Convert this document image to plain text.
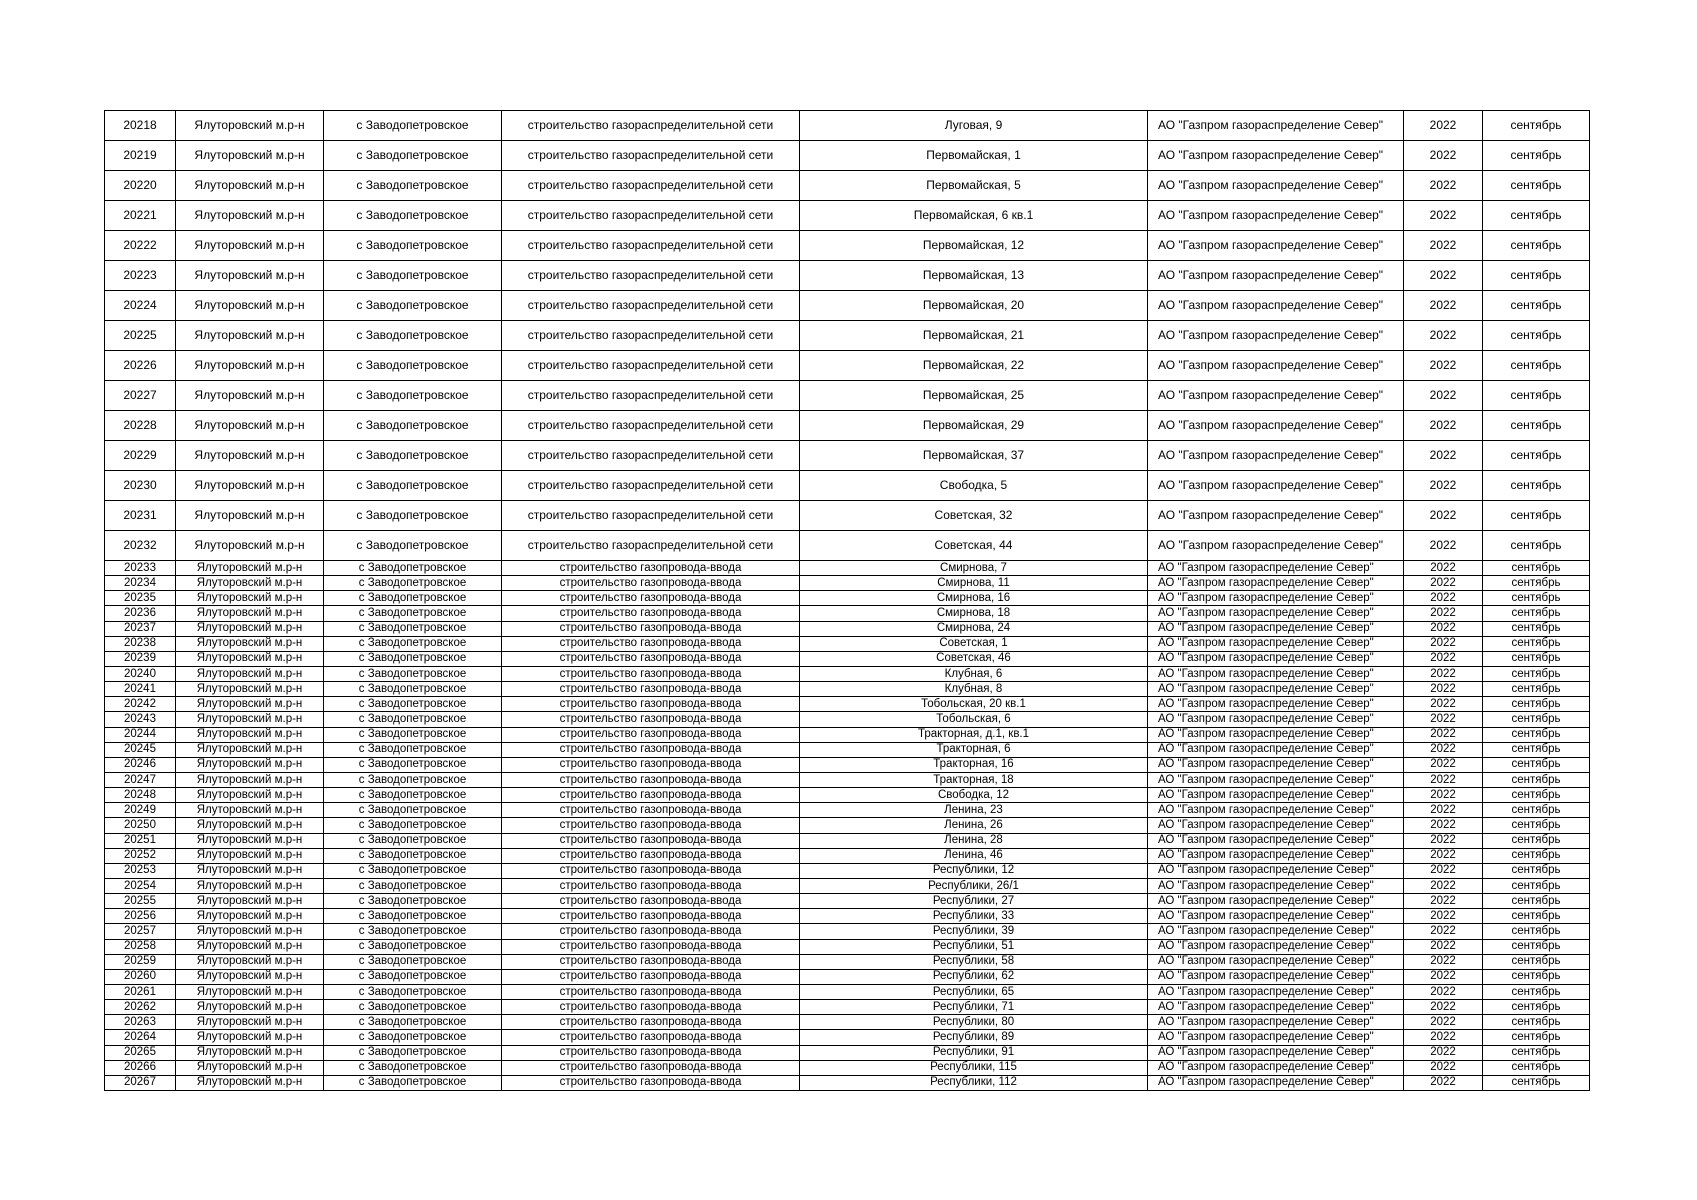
20218	Ялуторовский м.р-н	с Заводопетровское	строительство газораспределительной сети	Луговая, 9	АО "Газпром газораспределение Север"	2022	сентябрь
20219	Ялуторовский м.р-н	с Заводопетровское	строительство газораспределительной сети	Первомайская, 1	АО "Газпром газораспределение Север"	2022	сентябрь
20220	Ялуторовский м.р-н	с Заводопетровское	строительство газораспределительной сети	Первомайская, 5	АО "Газпром газораспределение Север"	2022	сентябрь
20221	Ялуторовский м.р-н	с Заводопетровское	строительство газораспределительной сети	Первомайская, 6 кв.1	АО "Газпром газораспределение Север"	2022	сентябрь
20222	Ялуторовский м.р-н	с Заводопетровское	строительство газораспределительной сети	Первомайская, 12	АО "Газпром газораспределение Север"	2022	сентябрь
20223	Ялуторовский м.р-н	с Заводопетровское	строительство газораспределительной сети	Первомайская, 13	АО "Газпром газораспределение Север"	2022	сентябрь
20224	Ялуторовский м.р-н	с Заводопетровское	строительство газораспределительной сети	Первомайская, 20	АО "Газпром газораспределение Север"	2022	сентябрь
20225	Ялуторовский м.р-н	с Заводопетровское	строительство газораспределительной сети	Первомайская, 21	АО "Газпром газораспределение Север"	2022	сентябрь
20226	Ялуторовский м.р-н	с Заводопетровское	строительство газораспределительной сети	Первомайская, 22	АО "Газпром газораспределение Север"	2022	сентябрь
20227	Ялуторовский м.р-н	с Заводопетровское	строительство газораспределительной сети	Первомайская, 25	АО "Газпром газораспределение Север"	2022	сентябрь
20228	Ялуторовский м.р-н	с Заводопетровское	строительство газораспределительной сети	Первомайская, 29	АО "Газпром газораспределение Север"	2022	сентябрь
20229	Ялуторовский м.р-н	с Заводопетровское	строительство газораспределительной сети	Первомайская, 37	АО "Газпром газораспределение Север"	2022	сентябрь
20230	Ялуторовский м.р-н	с Заводопетровское	строительство газораспределительной сети	Свободка, 5	АО "Газпром газораспределение Север"	2022	сентябрь
20231	Ялуторовский м.р-н	с Заводопетровское	строительство газораспределительной сети	Советская, 32	АО "Газпром газораспределение Север"	2022	сентябрь
20232	Ялуторовский м.р-н	с Заводопетровское	строительство газораспределительной сети	Советская, 44	АО "Газпром газораспределение Север"	2022	сентябрь
20233	Ялуторовский м.р-н	с Заводопетровское	строительство газопровода-ввода	Смирнова, 7	АО "Газпром газораспределение Север"	2022	сентябрь
20234	Ялуторовский м.р-н	с Заводопетровское	строительство газопровода-ввода	Смирнова, 11	АО "Газпром газораспределение Север"	2022	сентябрь
20235	Ялуторовский м.р-н	с Заводопетровское	строительство газопровода-ввода	Смирнова, 16	АО "Газпром газораспределение Север"	2022	сентябрь
20236	Ялуторовский м.р-н	с Заводопетровское	строительство газопровода-ввода	Смирнова, 18	АО "Газпром газораспределение Север"	2022	сентябрь
20237	Ялуторовский м.р-н	с Заводопетровское	строительство газопровода-ввода	Смирнова, 24	АО "Газпром газораспределение Север"	2022	сентябрь
20238	Ялуторовский м.р-н	с Заводопетровское	строительство газопровода-ввода	Советская, 1	АО "Газпром газораспределение Север"	2022	сентябрь
20239	Ялуторовский м.р-н	с Заводопетровское	строительство газопровода-ввода	Советская, 46	АО "Газпром газораспределение Север"	2022	сентябрь
20240	Ялуторовский м.р-н	с Заводопетровское	строительство газопровода-ввода	Клубная, 6	АО "Газпром газораспределение Север"	2022	сентябрь
20241	Ялуторовский м.р-н	с Заводопетровское	строительство газопровода-ввода	Клубная, 8	АО "Газпром газораспределение Север"	2022	сентябрь
20242	Ялуторовский м.р-н	с Заводопетровское	строительство газопровода-ввода	Тобольская, 20 кв.1	АО "Газпром газораспределение Север"	2022	сентябрь
20243	Ялуторовский м.р-н	с Заводопетровское	строительство газопровода-ввода	Тобольская, 6	АО "Газпром газораспределение Север"	2022	сентябрь
20244	Ялуторовский м.р-н	с Заводопетровское	строительство газопровода-ввода	Тракторная, д.1, кв.1	АО "Газпром газораспределение Север"	2022	сентябрь
20245	Ялуторовский м.р-н	с Заводопетровское	строительство газопровода-ввода	Тракторная, 6	АО "Газпром газораспределение Север"	2022	сентябрь
20246	Ялуторовский м.р-н	с Заводопетровское	строительство газопровода-ввода	Тракторная, 16	АО "Газпром газораспределение Север"	2022	сентябрь
20247	Ялуторовский м.р-н	с Заводопетровское	строительство газопровода-ввода	Тракторная, 18	АО "Газпром газораспределение Север"	2022	сентябрь
20248	Ялуторовский м.р-н	с Заводопетровское	строительство газопровода-ввода	Свободка, 12	АО "Газпром газораспределение Север"	2022	сентябрь
20249	Ялуторовский м.р-н	с Заводопетровское	строительство газопровода-ввода	Ленина, 23	АО "Газпром газораспределение Север"	2022	сентябрь
20250	Ялуторовский м.р-н	с Заводопетровское	строительство газопровода-ввода	Ленина, 26	АО "Газпром газораспределение Север"	2022	сентябрь
20251	Ялуторовский м.р-н	с Заводопетровское	строительство газопровода-ввода	Ленина, 28	АО "Газпром газораспределение Север"	2022	сентябрь
20252	Ялуторовский м.р-н	с Заводопетровское	строительство газопровода-ввода	Ленина, 46	АО "Газпром газораспределение Север"	2022	сентябрь
20253	Ялуторовский м.р-н	с Заводопетровское	строительство газопровода-ввода	Республики, 12	АО "Газпром газораспределение Север"	2022	сентябрь
20254	Ялуторовский м.р-н	с Заводопетровское	строительство газопровода-ввода	Республики, 26/1	АО "Газпром газораспределение Север"	2022	сентябрь
20255	Ялуторовский м.р-н	с Заводопетровское	строительство газопровода-ввода	Республики, 27	АО "Газпром газораспределение Север"	2022	сентябрь
20256	Ялуторовский м.р-н	с Заводопетровское	строительство газопровода-ввода	Республики, 33	АО "Газпром газораспределение Север"	2022	сентябрь
20257	Ялуторовский м.р-н	с Заводопетровское	строительство газопровода-ввода	Республики, 39	АО "Газпром газораспределение Север"	2022	сентябрь
20258	Ялуторовский м.р-н	с Заводопетровское	строительство газопровода-ввода	Республики, 51	АО "Газпром газораспределение Север"	2022	сентябрь
20259	Ялуторовский м.р-н	с Заводопетровское	строительство газопровода-ввода	Республики, 58	АО "Газпром газораспределение Север"	2022	сентябрь
20260	Ялуторовский м.р-н	с Заводопетровское	строительство газопровода-ввода	Республики, 62	АО "Газпром газораспределение Север"	2022	сентябрь
20261	Ялуторовский м.р-н	с Заводопетровское	строительство газопровода-ввода	Республики, 65	АО "Газпром газораспределение Север"	2022	сентябрь
20262	Ялуторовский м.р-н	с Заводопетровское	строительство газопровода-ввода	Республики, 71	АО "Газпром газораспределение Север"	2022	сентябрь
20263	Ялуторовский м.р-н	с Заводопетровское	строительство газопровода-ввода	Республики, 80	АО "Газпром газораспределение Север"	2022	сентябрь
20264	Ялуторовский м.р-н	с Заводопетровское	строительство газопровода-ввода	Республики, 89	АО "Газпром газораспределение Север"	2022	сентябрь
20265	Ялуторовский м.р-н	с Заводопетровское	строительство газопровода-ввода	Республики, 91	АО "Газпром газораспределение Север"	2022	сентябрь
20266	Ялуторовский м.р-н	с Заводопетровское	строительство газопровода-ввода	Республики, 115	АО "Газпром газораспределение Север"	2022	сентябрь
20267	Ялуторовский м.р-н	с Заводопетровское	строительство газопровода-ввода	Республики, 112	АО "Газпром газораспределение Север"	2022	сентябрь
